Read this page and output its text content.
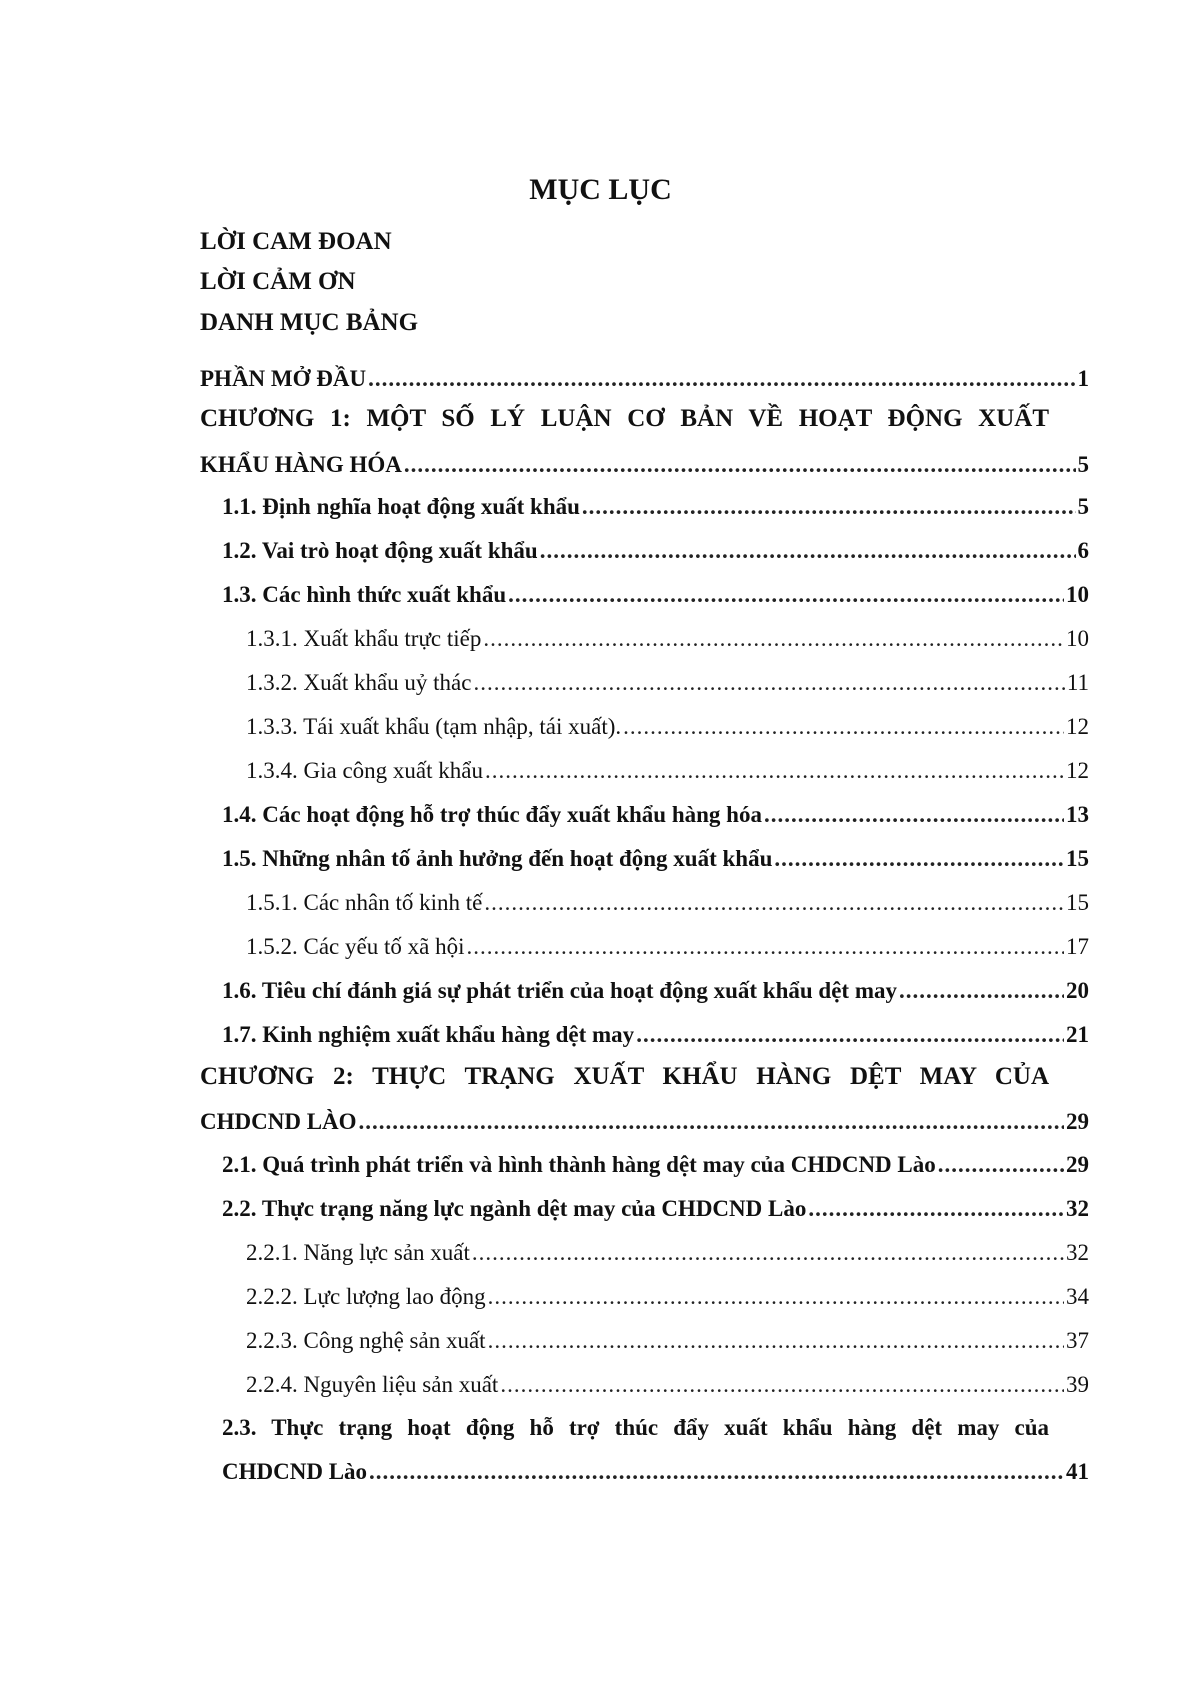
MỤC LỤC
LỜI CAM ĐOAN
LỜI CẢM ƠN
DANH MỤC BẢNG
PHẦN MỞ ĐẦU .....	1
CHƯƠNG 1: MỘT SỐ LÝ LUẬN CƠ BẢN VỀ HOẠT ĐỘNG XUẤT
KHẨU HÀNG HÓA .....	5
1.1. Định nghĩa hoạt động xuất khẩu .....	5
1.2. Vai trò hoạt động xuất khẩu .....	6
1.3. Các hình thức xuất khẩu .....	10
1.3.1. Xuất khẩu trực tiếp .....	10
1.3.2. Xuất khẩu uỷ thác .....	11
1.3.3. Tái xuất khẩu (tạm nhập, tái xuất). .....	12
1.3.4. Gia công xuất khẩu .....	12
1.4. Các hoạt động hỗ trợ thúc đẩy xuất khẩu hàng hóa .....	13
1.5. Những nhân tố ảnh hưởng đến hoạt động xuất khẩu .....	15
1.5.1. Các nhân tố kinh tế .....	15
1.5.2. Các yếu tố xã hội .....	17
1.6. Tiêu chí đánh giá sự phát triển của hoạt động xuất khẩu dệt may .....	20
1.7. Kinh nghiệm xuất khẩu hàng dệt may .....	21
CHƯƠNG 2: THỰC TRẠNG XUẤT KHẨU HÀNG DỆT MAY CỦA
CHDCND LÀO .....	29
2.1. Quá trình phát triển và hình thành hàng dệt may của CHDCND Lào .....	29
2.2. Thực trạng năng lực ngành dệt may của CHDCND Lào .....	32
2.2.1. Năng lực sản xuất .....	32
2.2.2. Lực lượng lao động .....	34
2.2.3. Công nghệ sản xuất .....	37
2.2.4. Nguyên liệu sản xuất .....	39
2.3. Thực trạng hoạt động hỗ trợ thúc đẩy xuất khẩu hàng dệt may của
CHDCND Lào .....	41
